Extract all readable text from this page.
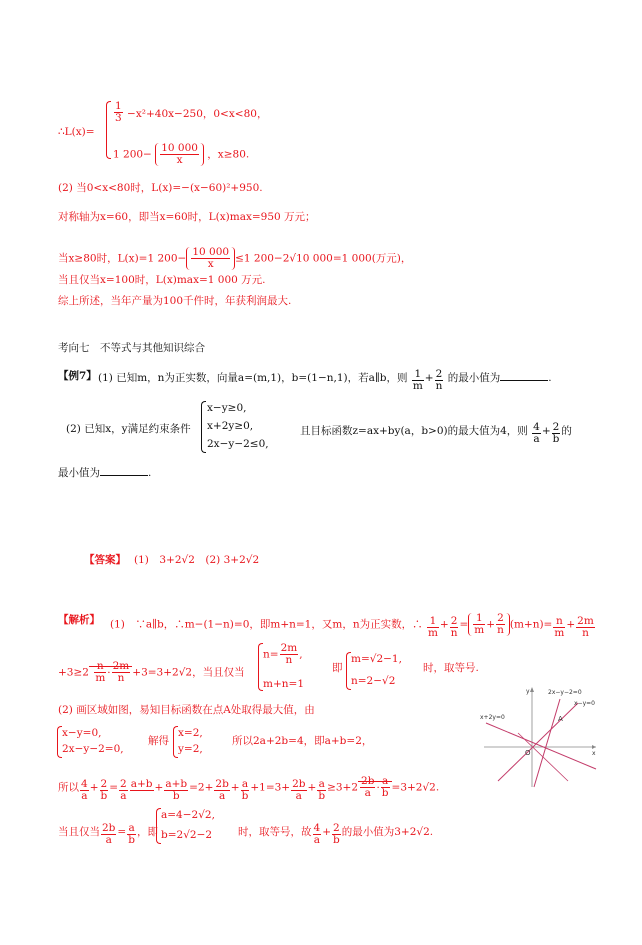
∴L(x)=
$\frac{1}{3} -x^2+40x-250$，0<x<80，
1 $200- \frac{10 000}{x}$ ，x≥80.
(2) 当0<x<80时，L(x)=−(x−60)²+950.
对称轴为x=60，即当x=60时，L(x)max=950 万元；
当x≥80时，L(x)=1 $200- \frac{10 000}{x} \le 1$ 200−2√10 000=1 000(万元)，
当且仅当x=100时，L(x)max=1 000 万元.
综上所述，当年产量为100千件时，年获利润最大.
考向七　不等式与其他知识综合
【例7】 (1) 已知m，n为正实数，向量a=(m,1)，b=(1−n,1)，若a∥b，则 $\frac{1}{m} + \frac{2}{n}$ 的最小值为	.
(2) 已知x，y满足约束条件
x−y≥0,
x+2y≥0,
2x−y−2≤0,
且目标函数z=ax+by(a，b>0)的最大值为4，则 $\frac{4}{a} + \frac{2}{b}$ 的
最小值为	.
【答案】 (1)　3+2√2　(2) 3+2√2
【解析】 (1)　∵a∥b，∴m−(1−n)=0，即m+n=1，又m，n为正实数，∴ $\frac{1}{m} + \frac{2}{n} = \frac{1}{m} + \frac{2}{n} (m+n)= \frac{n}{m} + \frac{2m}{n}$
$+3\ge 2 \frac{n}{m} \cdot \frac{2m}{n} +3=3+2√2$，当且仅当
$n= \frac{2m}{n}$ ,
m+n=1
即
m=√2−1,
n=2−√2
时，取等号.
(2) 画区域如图，易知目标函数在点A处取得最大值，由
x−y=0,
2x−y−2=0,
解得
x=2,
y=2,
所以2a+2b=4，即a+b=2，
所以 $\frac{4}{a} + \frac{2}{b} = \frac{2}{a} a+b$
+ $\frac{a+b}{b} =2+ \frac{2b}{a} + \frac{a}{b} +1=3+ \frac{2b}{a} + \frac{a}{b} \ge 3+2 \frac{2b}{a} \cdot \frac{a}{b} =3+2√2$.
当且仅当 $\frac{2b}{a} = \frac{a}{b}$ ，即
a=4−2√2,
b=2√2−2 时，取等号，故 $\frac{4}{a} + \frac{2}{b}$ 的最小值为3+2√2.
y	2x−y−2=0
x−y=0
x+2y=0	A
O	x
